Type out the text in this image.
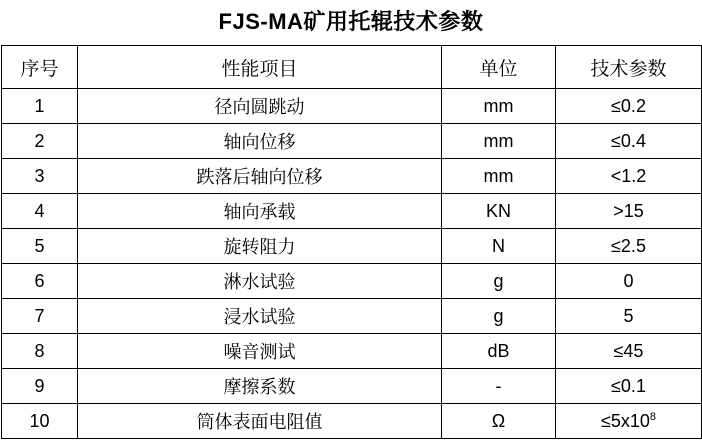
FJS-MA矿用托辊技术参数
序号	性能项目	单位	技术参数
1	径向圆跳动	mm	≤0.2
2	轴向位移	mm	≤0.4
3	跌落后轴向位移	mm	<1.2
4	轴向承载	KN	>15
5	旋转阻力	N	≤2.5
6	淋水试验	g	0
7	浸水试验	g	5
8	噪音测试	dB	≤45
9	摩擦系数	-	≤0.1
10	筒体表面电阻值	Ω	$\le 5x10^8$
